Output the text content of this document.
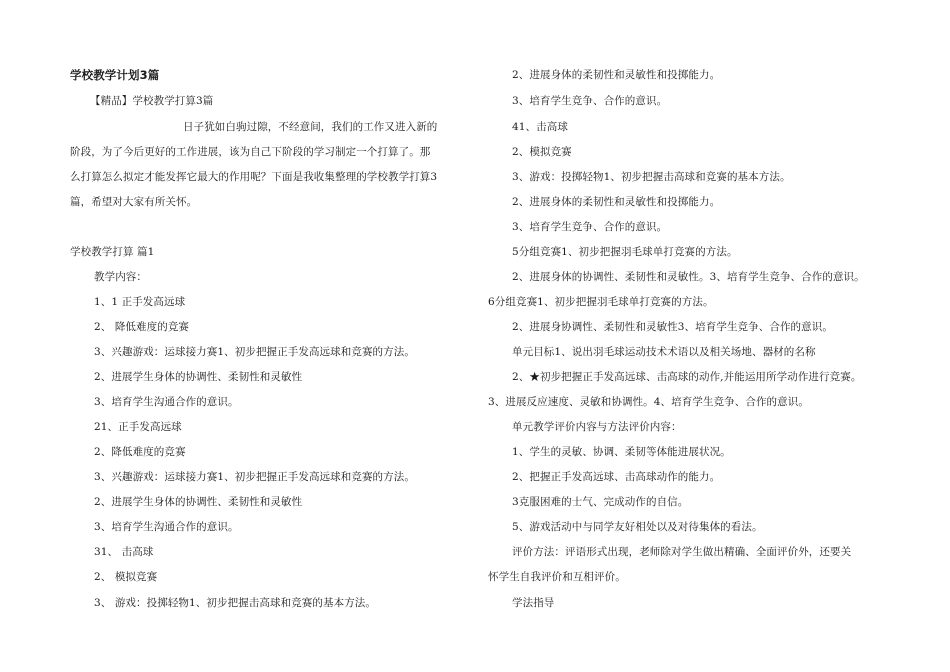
学校教学计划3篇
【精品】学校教学打算3篇
日子犹如白驹过隙，不经意间，我们的工作又进入新的
阶段，为了今后更好的工作进展，该为自己下阶段的学习制定一个打算了。那
么打算怎么拟定才能发挥它最大的作用呢？下面是我收集整理的学校教学打算3
篇，希望对大家有所关怀。
学校教学打算 篇1
教学内容：
1、1 正手发高远球
2、 降低难度的竞赛
3、兴趣游戏：运球接力赛1、初步把握正手发高远球和竞赛的方法。
2、进展学生身体的协调性、柔韧性和灵敏性
3、培育学生沟通合作的意识。
21、正手发高远球
2、降低难度的竞赛
3、兴趣游戏：运球接力赛1、初步把握正手发高远球和竞赛的方法。
2、进展学生身体的协调性、柔韧性和灵敏性
3、培育学生沟通合作的意识。
31、 击高球
2、 模拟竞赛
3、 游戏：投掷轻物1、初步把握击高球和竞赛的基本方法。
2、进展身体的柔韧性和灵敏性和投掷能力。
3、培育学生竞争、合作的意识。
41、击高球
2、模拟竞赛
3、游戏：投掷轻物1、初步把握击高球和竞赛的基本方法。
2、进展身体的柔韧性和灵敏性和投掷能力。
3、培育学生竞争、合作的意识。
5分组竞赛1、初步把握羽毛球单打竞赛的方法。
2、进展身体的协调性、柔韧性和灵敏性。3、培育学生竞争、合作的意识。
6分组竞赛1、初步把握羽毛球单打竞赛的方法。
2、进展身协调性、柔韧性和灵敏性3、培育学生竞争、合作的意识。
单元目标1、说出羽毛球运动技术术语以及相关场地、器材的名称
2、★初步把握正手发高远球、击高球的动作,并能运用所学动作进行竞赛。
3、进展反应速度、灵敏和协调性。4、培育学生竞争、合作的意识。
单元教学评价内容与方法评价内容：
1、学生的灵敏、协调、柔韧等体能进展状况。
2、把握正手发高远球、击高球动作的能力。
3克服困难的士气、完成动作的自信。
5、游戏活动中与同学友好相处以及对待集体的看法。
评价方法：评语形式出现，老师除对学生做出精确、全面评价外，还要关
怀学生自我评价和互相评价。
学法指导
